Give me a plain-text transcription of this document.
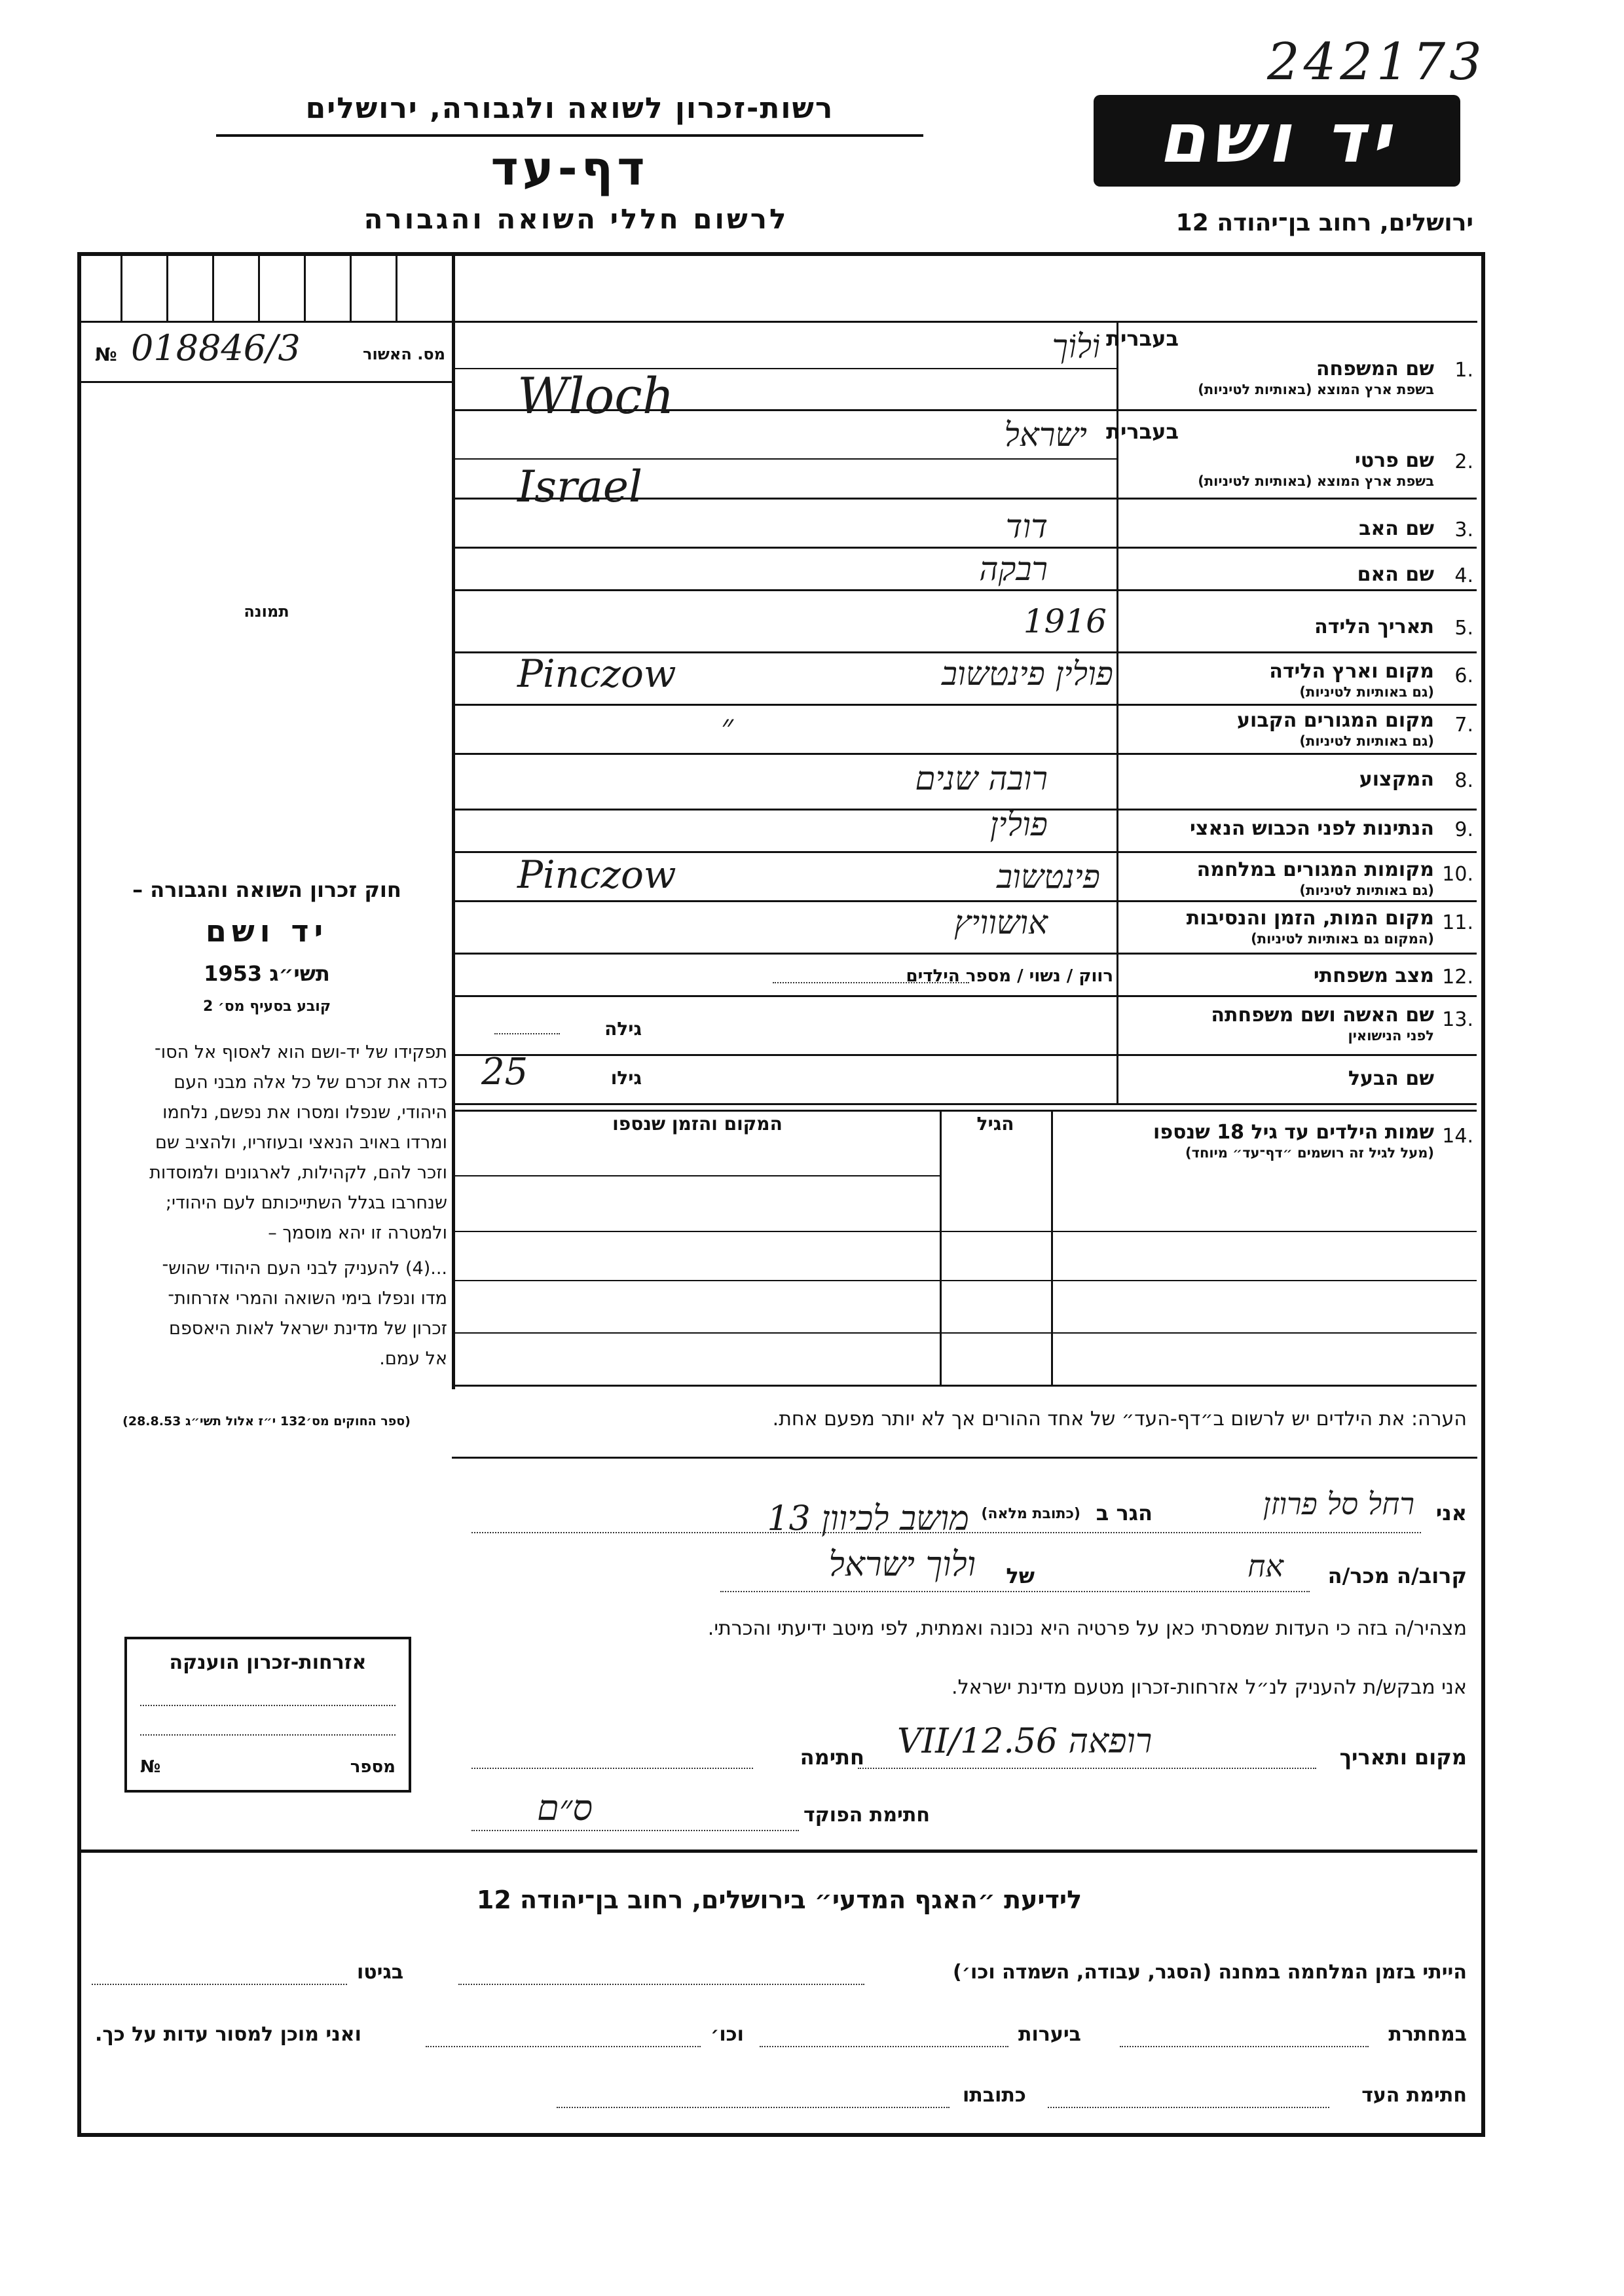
242173
רשות-זכרון לשואה ולגבורה, ירושלים
דף-עד
לרשום חללי השואה והגבורה
יד ושם
ירושלים, רחוב בן־יהודה 12
№ 018846/3	מס. האשור
תמונה
חוק זכרון השואה והגבורה –
יד ושם
תשי״ג 1953
קובע בסעיף מס׳ 2
תפקידו של יד-ושם הוא לאסוף אל הסו־
כדה את זכרם של כל אלה מבני העם
היהודי, שנפלו ומסרו את נפשם, נלחמו
ומרדו באויב הנאצי ובעוזריו, ולהציב שם
וזכר להם, לקהילות, לארגונים ולמוסדות
שנחרבו בגלל השתייכותם לעם היהודי;
ולמטרה זו יהא מוסמך –
...(4) להעניק לבני העם היהודי שהוש־
מדו ונפלו בימי השואה והמרי אזרחות־
זכרון של מדינת ישראל לאות היאספם
אל עמם.
(ספר החוקים מס׳132 י״ז אלול תשי״ג 28.8.53)
בעברית
1.
שם המשפחה
בשפת ארץ המוצא (באותיות לטיניות)
וֹלוֹך
Wloch
בעברית
2.
שם פרטי
בשפת ארץ המוצא (באותיות לטיניות)
ישראל
Israel
3.
שם האב
דוד
4.
שם האם
רבקה
5.
תאריך הלידה
1916
6.
מקום וארץ הלידה
(גם באותיות לטיניות)
פולין פינטשוב
Pinczow
7.
מקום המגורים הקבוע
(גם באותיות לטיניות)
״
8.
המקצוע
רובה שנים
9.
הנתינות לפני הכבוש הנאצי
פולין
10.
מקומות המגורים במלחמה
(גם באותיות לטיניות)
פינטשוב
Pinczow
11.
מקום המות, הזמן והנסיבות
(המקום גם באותיות לטיניות)
אושוויץ
12.
מצב משפחתי
רווק / נשוי / מספר הילדים
13.
שם האשה ושם משפחתה
לפני הנישואין
גילה
שם הבעל
גילו
25
14.
שמות הילדים עד גיל 18 שנספו
(מעל לגיל זה רושמים ״דף־עד״ מיוחד)
הגיל
המקום והזמן שנספו
הערה: את הילדים יש לרשום ב״דף-העד״ של אחד ההורים אך לא יותר מפעם אחת.
אני
רחל סל פרוזן
הגר ב
(כתובת מלאה)
מושב לכיוון 13
קרוב/ה מכר/ה
אח
של
ולוך ישראל
מצהיר/ה בזה כי העדות שמסרתי כאן על פרטיה היא נכונה ואמתית, לפי מיטב ידיעתי והכרתי.
אני מבקש/ת להעניק לנ״ל אזרחות-זכרון מטעם מדינת ישראל.
מקום ותאריך
רופאה VII/12.56
חתימה
חתימת הפוקד
ס״ם
אזרחות-זכרון הוענקה
№	מספר
לידיעת ״האגף המדעי״ בירושלים, רחוב בן־יהודה 12
הייתי בזמן המלחמה במחנה (הסגר, עבודה, השמדה וכו׳)
בגיטו
במחתרת
ביערות
וכו׳
ואני מוכן למסור עדות על כך.
חתימת העד
כתובתו
